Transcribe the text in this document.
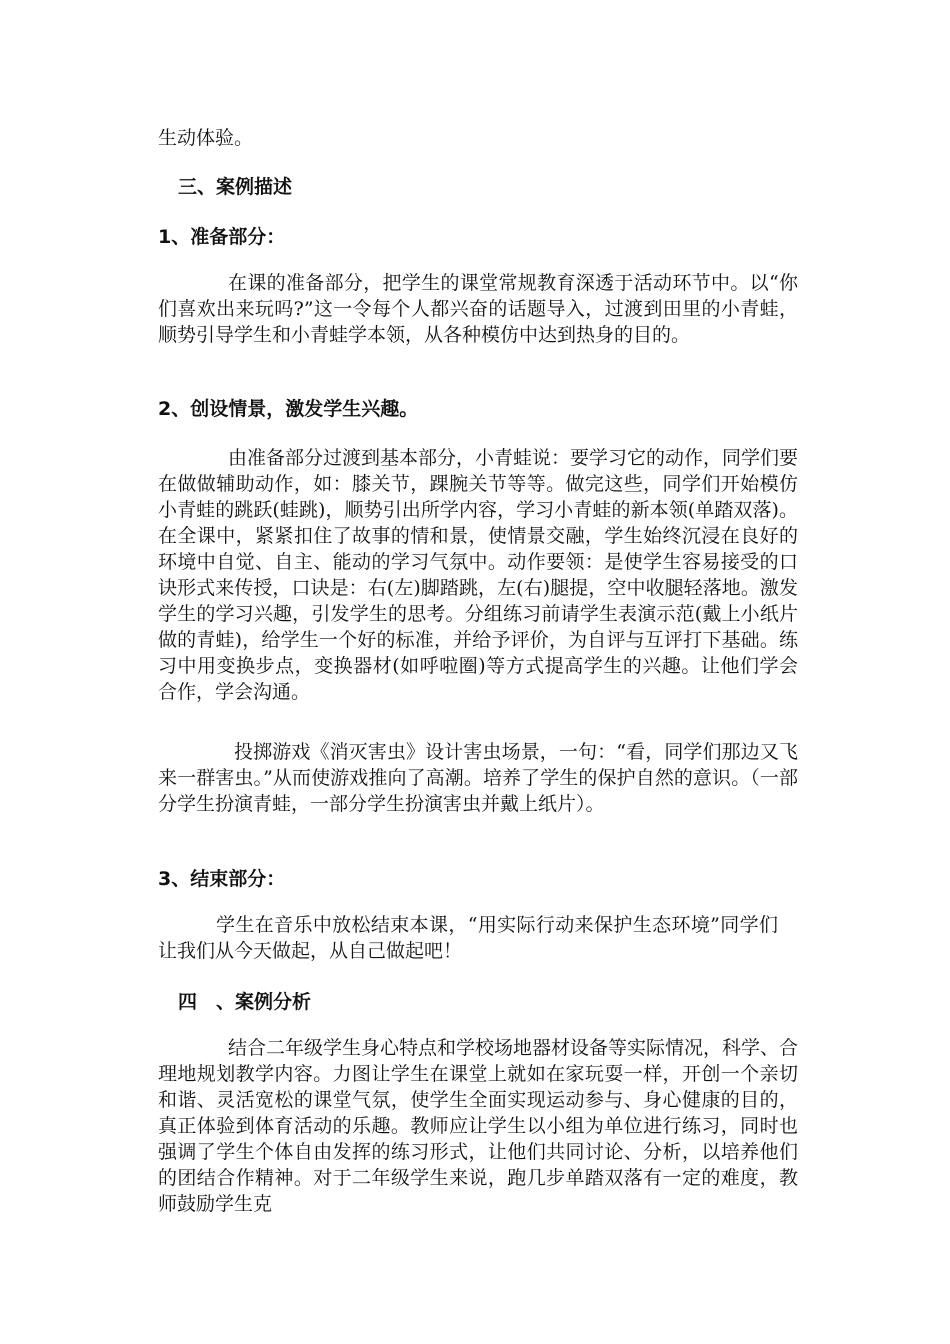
生动体验。

三、案例描述

1、准备部分：

在课的准备部分，把学生的课堂常规教育深透于活动环节中。以“你们喜欢出来玩吗?”这一令每个人都兴奋的话题导入，过渡到田里的小青蛙，顺势引导学生和小青蛙学本领，从各种模仿中达到热身的目的。

2、创设情景，激发学生兴趣。

由准备部分过渡到基本部分，小青蛙说：要学习它的动作，同学们要在做做辅助动作，如：膝关节，踝腕关节等等。做完这些，同学们开始模仿小青蛙的跳跃(蛙跳)，顺势引出所学内容，学习小青蛙的新本领(单踏双落)。在全课中，紧紧扣住了故事的情和景，使情景交融，学生始终沉浸在良好的环境中自觉、自主、能动的学习气氛中。动作要领：是使学生容易接受的口诀形式来传授，口诀是：右(左)脚踏跳，左(右)腿提，空中收腿轻落地。激发学生的学习兴趣，引发学生的思考。分组练习前请学生表演示范(戴上小纸片做的青蛙)，给学生一个好的标准，并给予评价，为自评与互评打下基础。练习中用变换步点，变换器材(如呼啦圈)等方式提高学生的兴趣。让他们学会合作，学会沟通。

投掷游戏《消灭害虫》设计害虫场景，一句：“看，同学们那边又飞来一群害虫。”从而使游戏推向了高潮。培养了学生的保护自然的意识。（一部分学生扮演青蛙，一部分学生扮演害虫并戴上纸片）。

3、结束部分：

学生在音乐中放松结束本课，“用实际行动来保护生态环境”同学们让我们从今天做起，从自己做起吧！

四　、案例分析

结合二年级学生身心特点和学校场地器材设备等实际情况，科学、合理地规划教学内容。力图让学生在课堂上就如在家玩耍一样，开创一个亲切和谐、灵活宽松的课堂气氛，使学生全面实现运动参与、身心健康的目的，真正体验到体育活动的乐趣。教师应让学生以小组为单位进行练习，同时也强调了学生个体自由发挥的练习形式，让他们共同讨论、分析，以培养他们的团结合作精神。对于二年级学生来说，跑几步单踏双落有一定的难度，教师鼓励学生克
